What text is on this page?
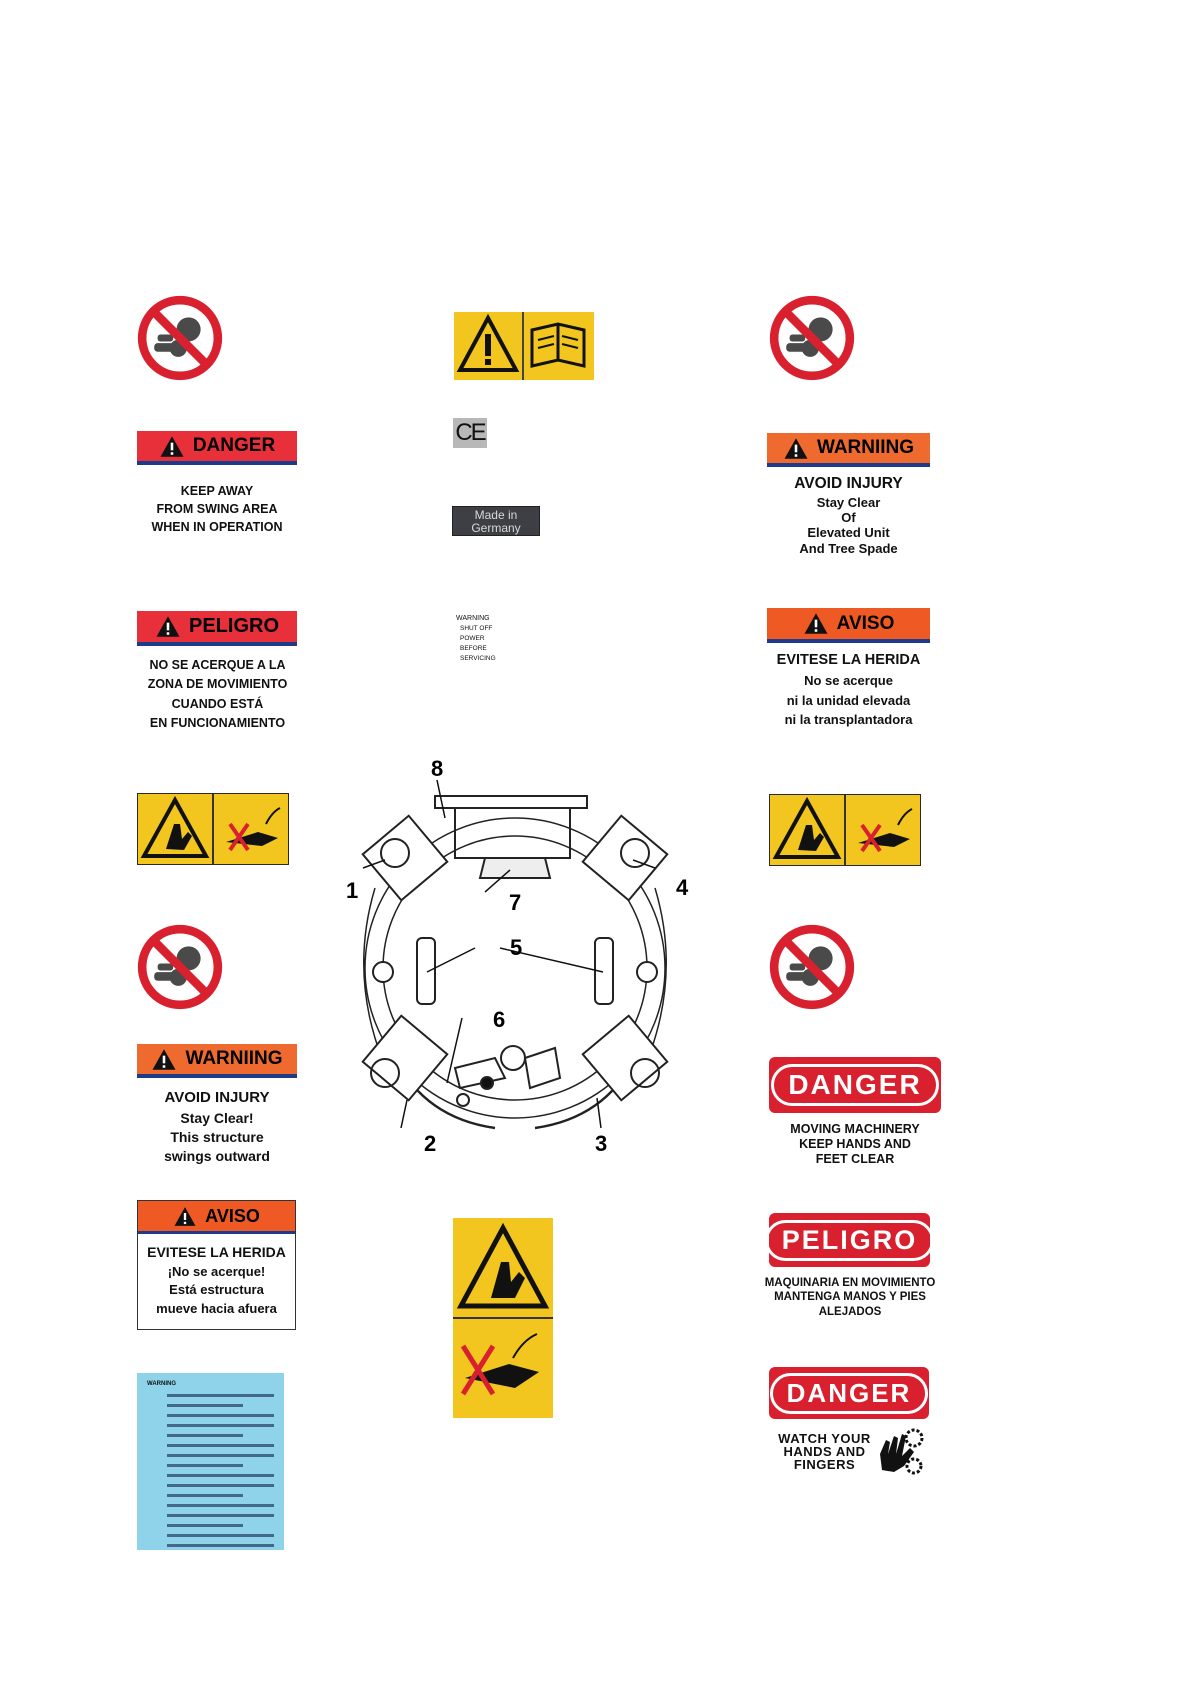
DANGER
KEEP AWAY
FROM SWING AREA
WHEN IN OPERATION
PELIGRO
NO SE ACERQUE A LA
ZONA DE MOVIMIENTO
CUANDO ESTÁ
EN FUNCIONAMIENTO
WARNIING
AVOID INJURY
Stay Clear!
This structure
swings outward
AVISO
EVITESE LA HERIDA
¡No se acerque!
Está estructura
mueve hacia afuera
WARNING
CE
Made in
Germany
WARNING
SHUT OFF
POWER
BEFORE
SERVICING
8
1	4
7
5
6
2	3
WARNIING
AVOID INJURY
Stay Clear
Of
Elevated Unit
And Tree Spade
AVISO
EVITESE LA HERIDA
No se acerque
ni la unidad elevada
ni la transplantadora
DANGER
MOVING MACHINERY
KEEP HANDS AND
FEET CLEAR
PELIGRO
MAQUINARIA EN MOVIMIENTO
MANTENGA MANOS Y PIES
ALEJADOS
DANGER
WATCH YOUR
HANDS AND
FINGERS
